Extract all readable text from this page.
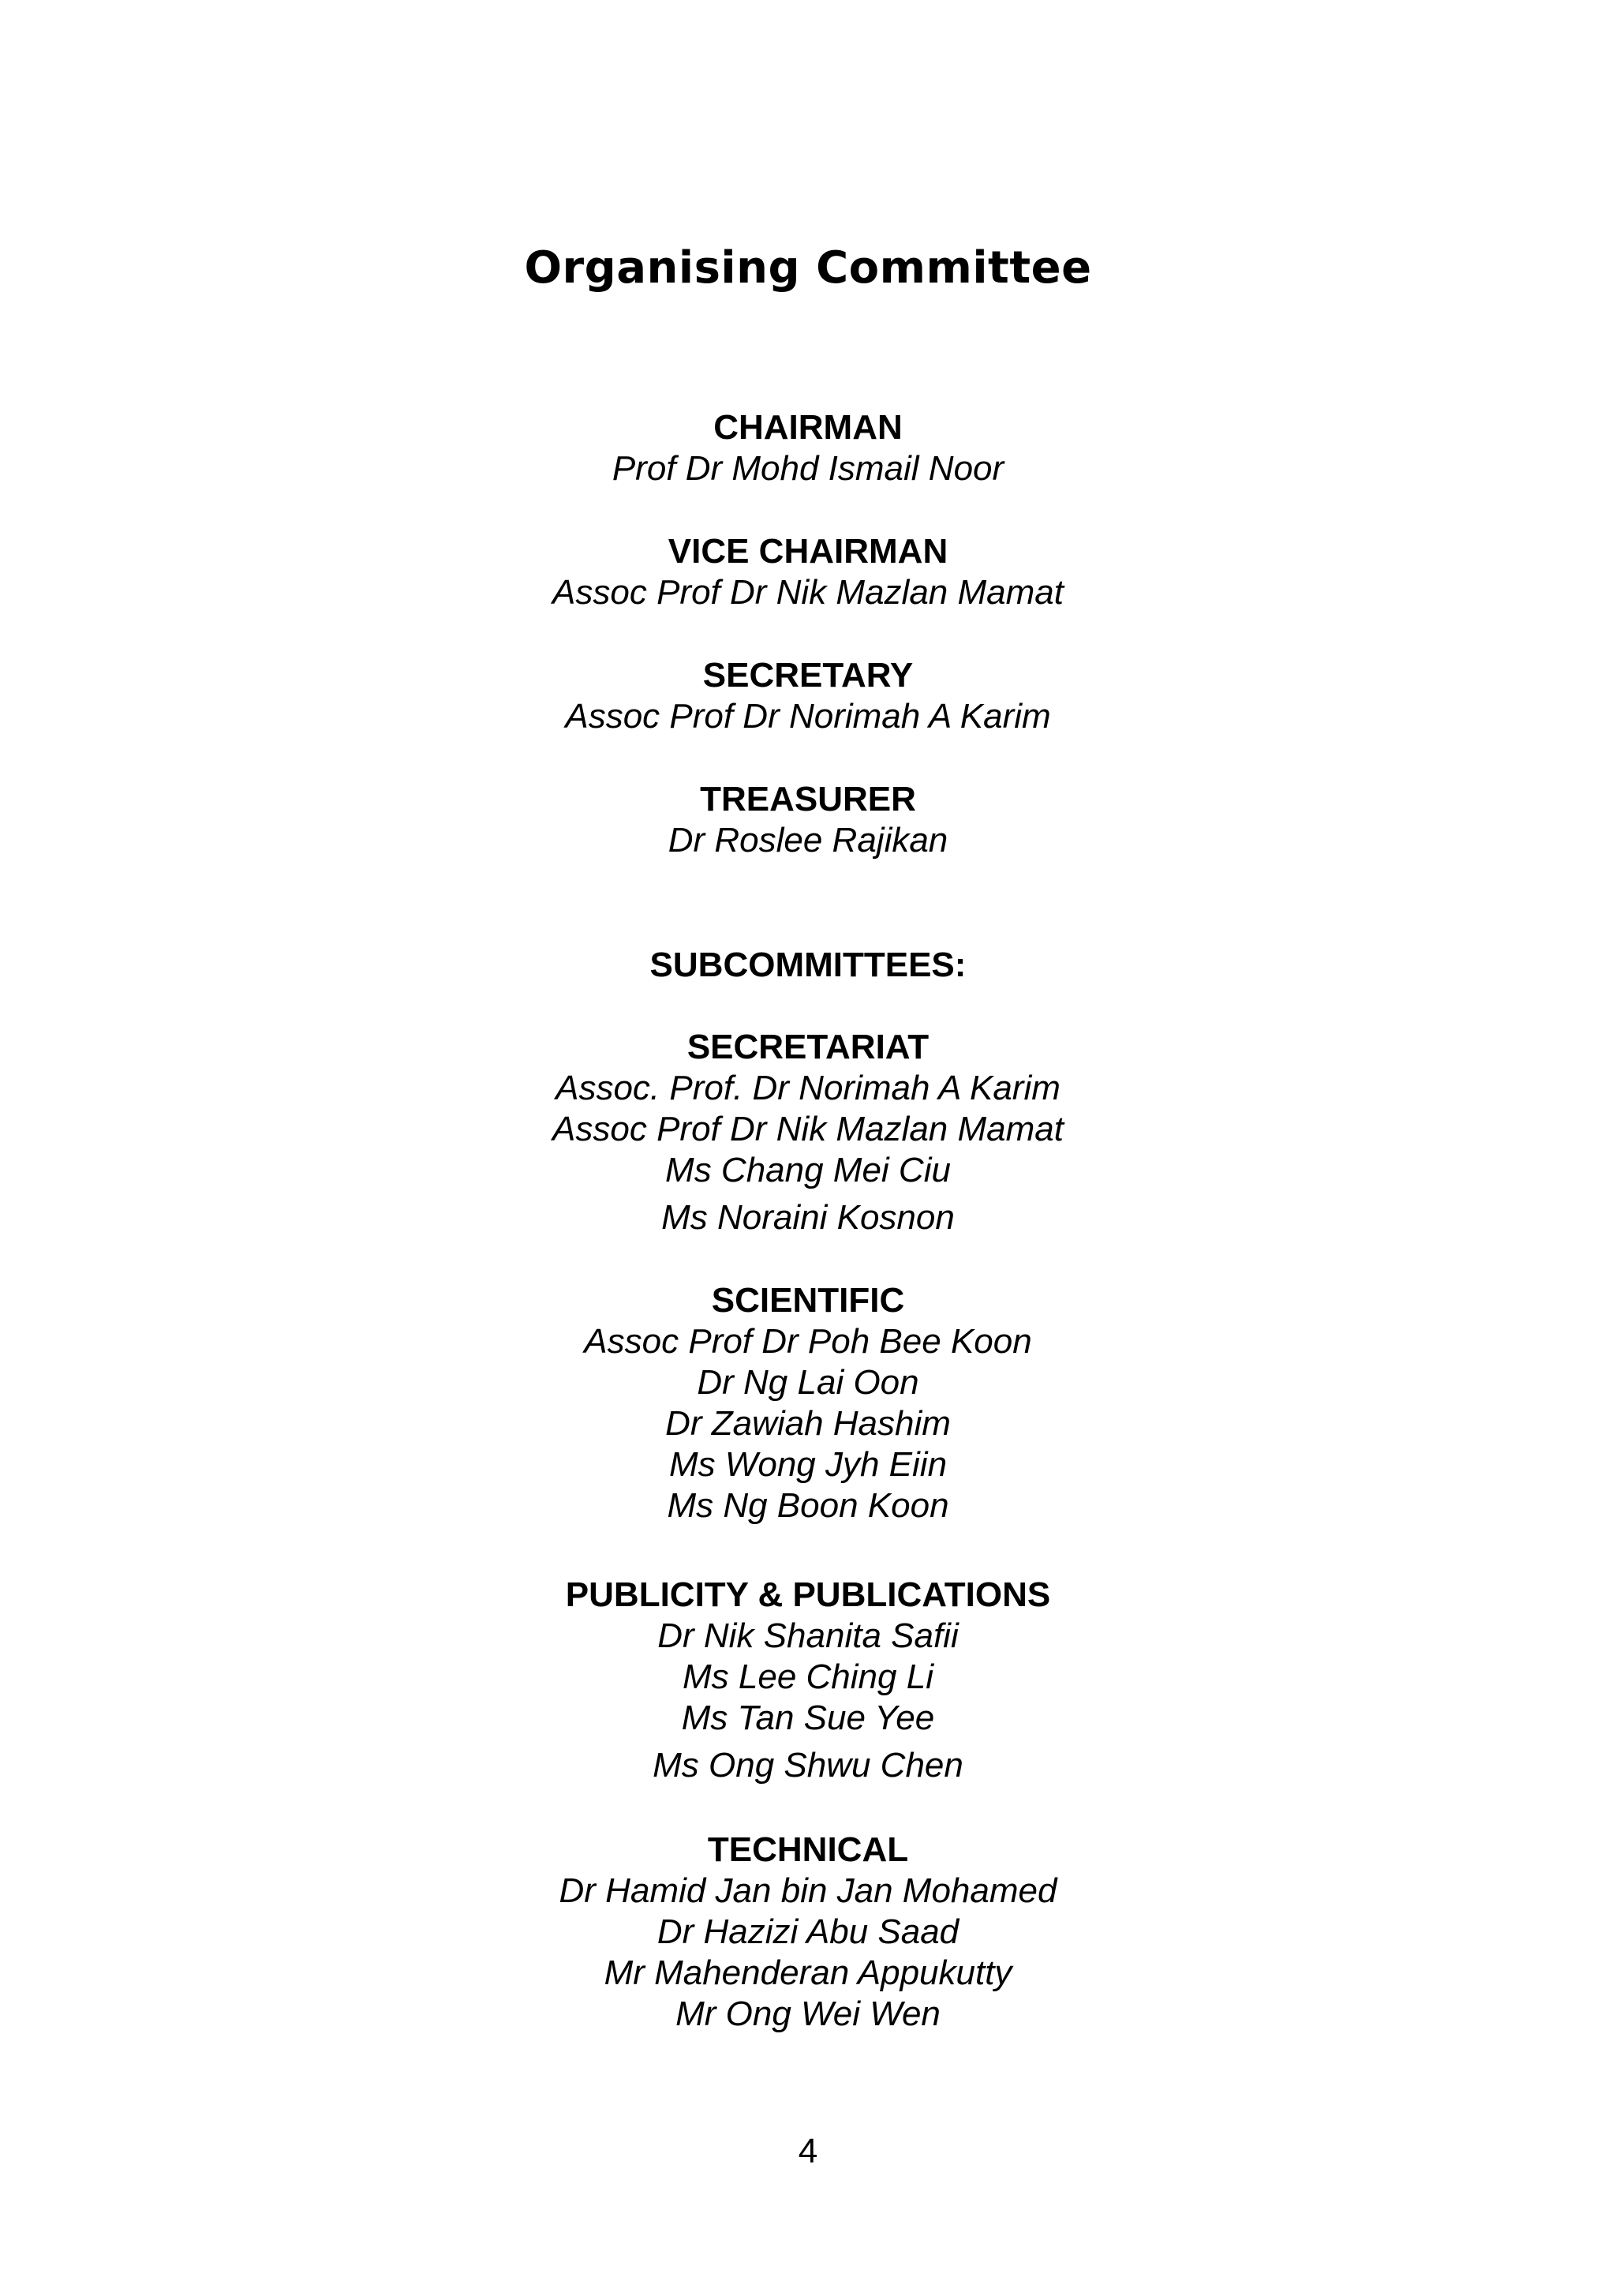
Organising Committee
CHAIRMAN
Prof Dr Mohd Ismail Noor
VICE CHAIRMAN
Assoc Prof Dr Nik Mazlan Mamat
SECRETARY
Assoc Prof Dr Norimah A Karim
TREASURER
Dr Roslee Rajikan
SUBCOMMITTEES:
SECRETARIAT
Assoc. Prof. Dr Norimah A Karim
Assoc Prof Dr Nik Mazlan Mamat
Ms Chang Mei Ciu
Ms Noraini Kosnon
SCIENTIFIC
Assoc Prof Dr Poh Bee Koon
Dr Ng Lai Oon
Dr Zawiah Hashim
Ms Wong Jyh Eiin
Ms Ng Boon Koon
PUBLICITY & PUBLICATIONS
Dr Nik Shanita Safii
Ms Lee Ching Li
Ms Tan Sue Yee
Ms Ong Shwu Chen
TECHNICAL
Dr Hamid Jan bin Jan Mohamed
Dr Hazizi Abu Saad
Mr Mahenderan Appukutty
Mr Ong Wei Wen
4
